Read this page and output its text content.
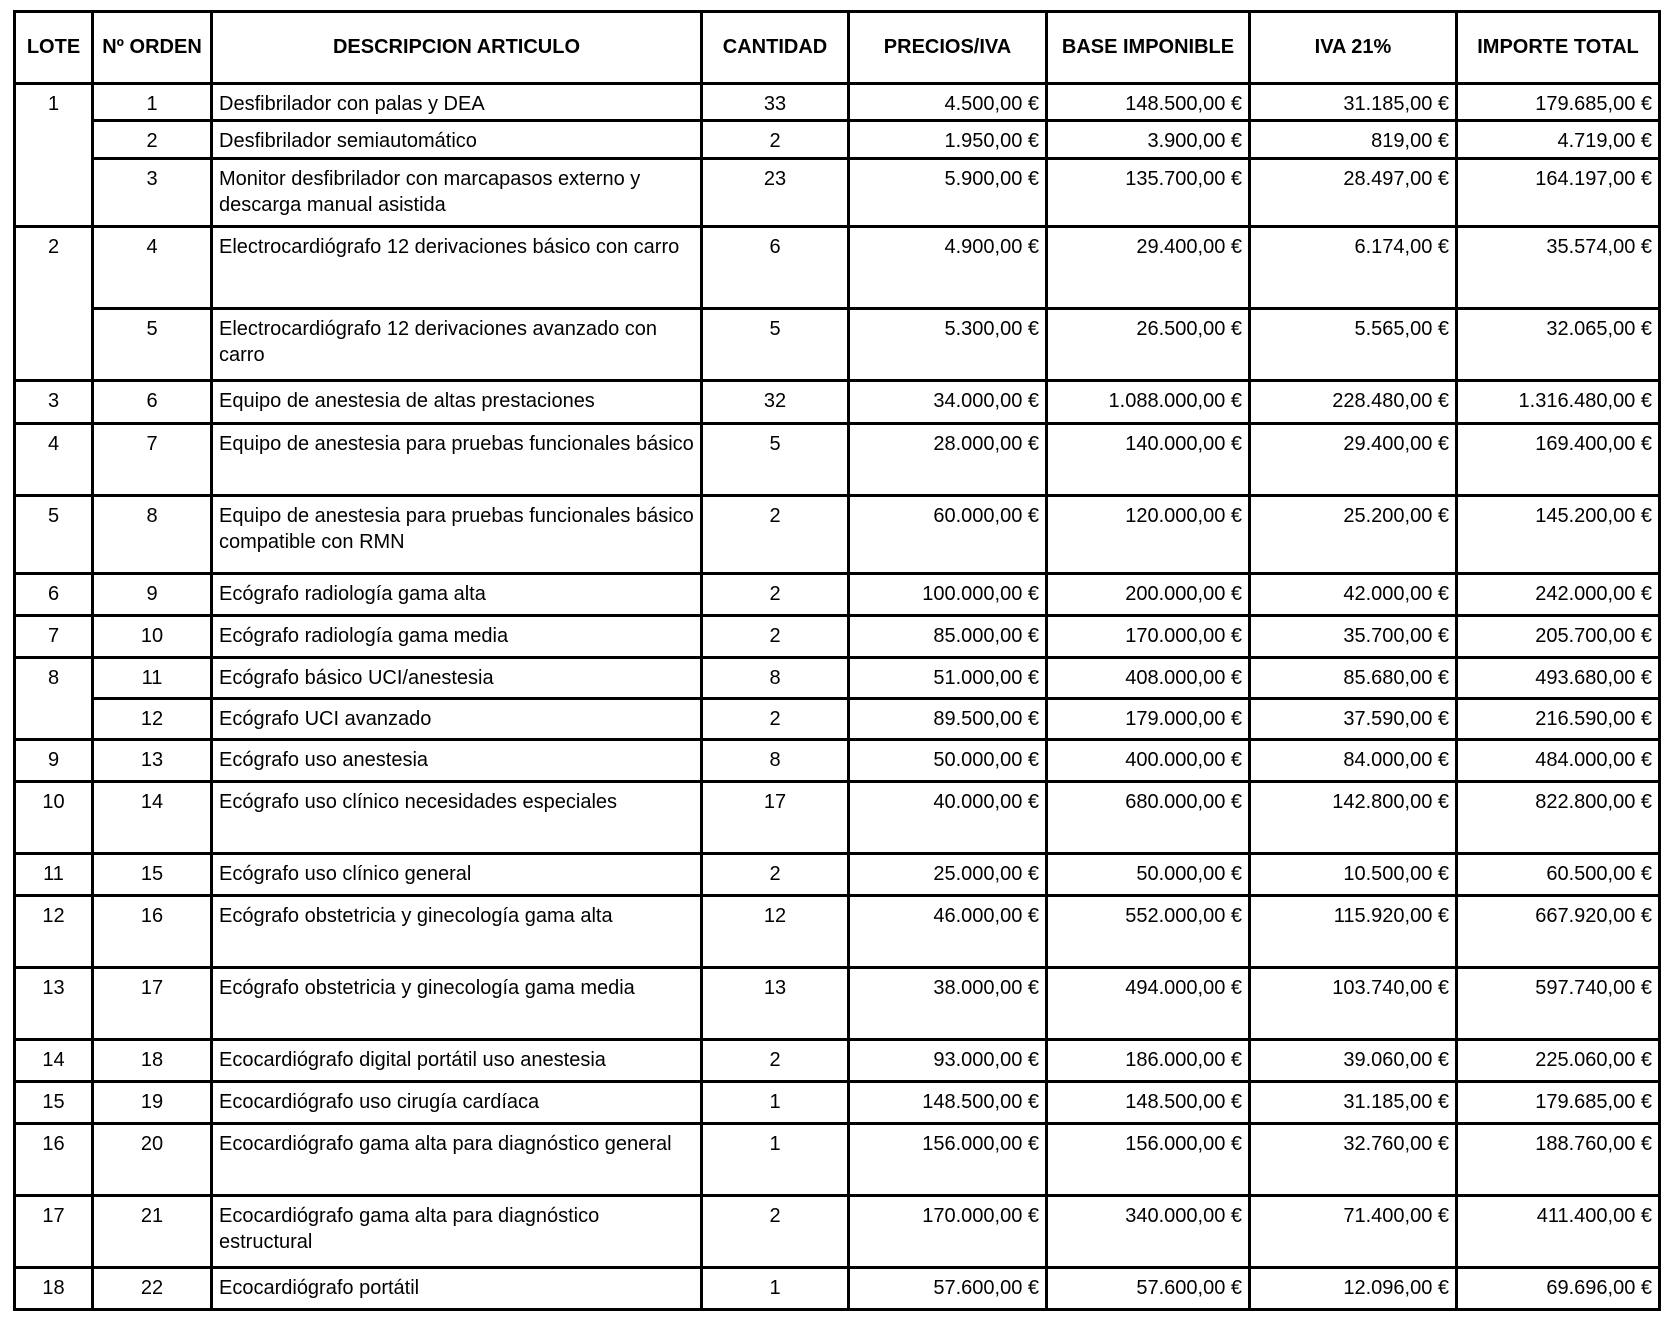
LOTE	Nº ORDEN	DESCRIPCION ARTICULO	CANTIDAD	PRECIOS/IVA	BASE IMPONIBLE	IVA 21%	IMPORTE TOTAL
1	1	Desfibrilador con palas y DEA	33	4.500,00 €	148.500,00 €	31.185,00 €	179.685,00 €
	2	Desfibrilador semiautomático	2	1.950,00 €	3.900,00 €	819,00 €	4.719,00 €
	3	Monitor desfibrilador con marcapasos externo y descarga manual asistida	23	5.900,00 €	135.700,00 €	28.497,00 €	164.197,00 €
2	4	Electrocardiógrafo 12 derivaciones básico con carro	6	4.900,00 €	29.400,00 €	6.174,00 €	35.574,00 €
	5	Electrocardiógrafo 12 derivaciones avanzado con carro	5	5.300,00 €	26.500,00 €	5.565,00 €	32.065,00 €
3	6	Equipo de anestesia de altas prestaciones	32	34.000,00 €	1.088.000,00 €	228.480,00 €	1.316.480,00 €
4	7	Equipo de anestesia para pruebas funcionales básico	5	28.000,00 €	140.000,00 €	29.400,00 €	169.400,00 €
5	8	Equipo de anestesia para pruebas funcionales básico compatible con RMN	2	60.000,00 €	120.000,00 €	25.200,00 €	145.200,00 €
6	9	Ecógrafo radiología gama alta	2	100.000,00 €	200.000,00 €	42.000,00 €	242.000,00 €
7	10	Ecógrafo radiología gama media	2	85.000,00 €	170.000,00 €	35.700,00 €	205.700,00 €
8	11	Ecógrafo básico UCI/anestesia	8	51.000,00 €	408.000,00 €	85.680,00 €	493.680,00 €
	12	Ecógrafo UCI avanzado	2	89.500,00 €	179.000,00 €	37.590,00 €	216.590,00 €
9	13	Ecógrafo uso anestesia	8	50.000,00 €	400.000,00 €	84.000,00 €	484.000,00 €
10	14	Ecógrafo uso clínico necesidades especiales	17	40.000,00 €	680.000,00 €	142.800,00 €	822.800,00 €
11	15	Ecógrafo uso clínico general	2	25.000,00 €	50.000,00 €	10.500,00 €	60.500,00 €
12	16	Ecógrafo obstetricia y ginecología gama alta	12	46.000,00 €	552.000,00 €	115.920,00 €	667.920,00 €
13	17	Ecógrafo obstetricia y ginecología gama media	13	38.000,00 €	494.000,00 €	103.740,00 €	597.740,00 €
14	18	Ecocardiógrafo digital portátil uso anestesia	2	93.000,00 €	186.000,00 €	39.060,00 €	225.060,00 €
15	19	Ecocardiógrafo uso cirugía cardíaca	1	148.500,00 €	148.500,00 €	31.185,00 €	179.685,00 €
16	20	Ecocardiógrafo gama alta para diagnóstico general	1	156.000,00 €	156.000,00 €	32.760,00 €	188.760,00 €
17	21	Ecocardiógrafo gama alta para diagnóstico estructural	2	170.000,00 €	340.000,00 €	71.400,00 €	411.400,00 €
18	22	Ecocardiógrafo portátil	1	57.600,00 €	57.600,00 €	12.096,00 €	69.696,00 €
